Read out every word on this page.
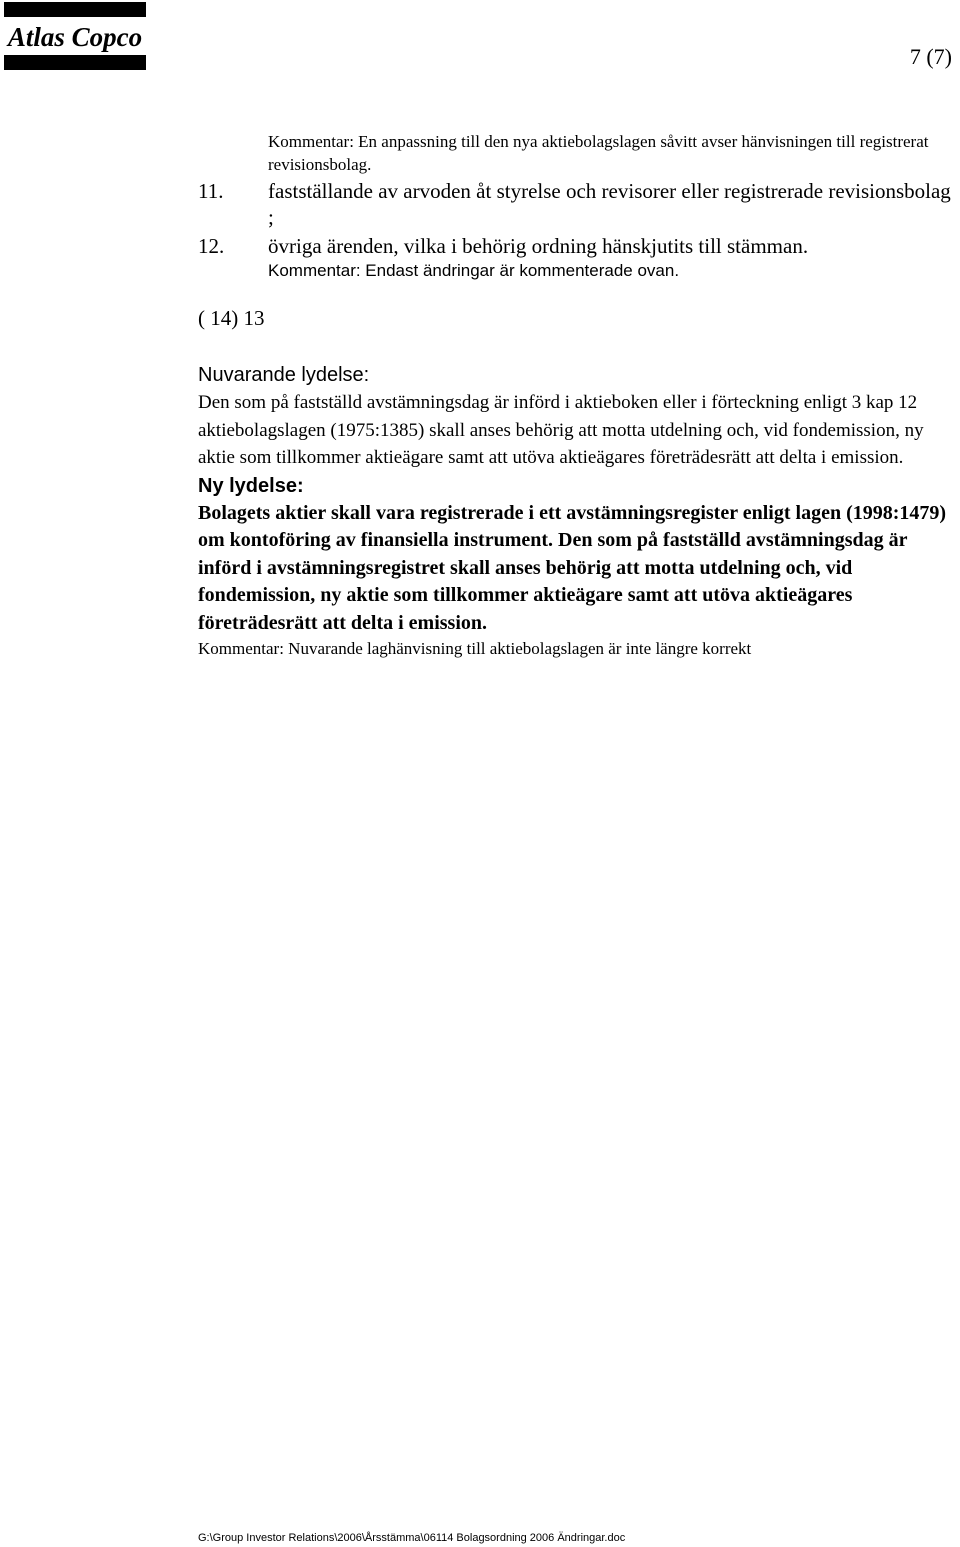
Atlas Copco
7 (7)
Kommentar: En anpassning till den nya aktiebolagslagen såvitt avser hänvisningen till registrerat revisionsbolag.
11. fastställande av arvoden åt styrelse och revisorer eller registrerade revisionsbolag ;
12. övriga ärenden, vilka i behörig ordning hänskjutits till stämman.
Kommentar: Endast ändringar är kommenterade ovan.
( 14) 13
Nuvarande lydelse:

Den som på fastställd avstämningsdag är införd i aktieboken eller i förteckning enligt 3 kap 12 aktiebolagslagen (1975:1385) skall anses behörig att motta utdelning och, vid fondemission, ny aktie som tillkommer aktieägare samt att utöva aktieägares företrädesrätt att delta i emission.

Ny lydelse:

Bolagets aktier skall vara registrerade i ett avstämningsregister enligt lagen (1998:1479) om kontoföring av finansiella instrument. Den som på fastställd avstämningsdag är införd i avstämningsregistret skall anses behörig att motta utdelning och, vid fondemission, ny aktie som tillkommer aktieägare samt att utöva aktieägares företrädesrätt att delta i emission.

Kommentar: Nuvarande laghänvisning till aktiebolagslagen är inte längre korrekt

G:\Group Investor Relations\2006\Årsstämma\06114 Bolagsordning 2006 Ändringar.doc
